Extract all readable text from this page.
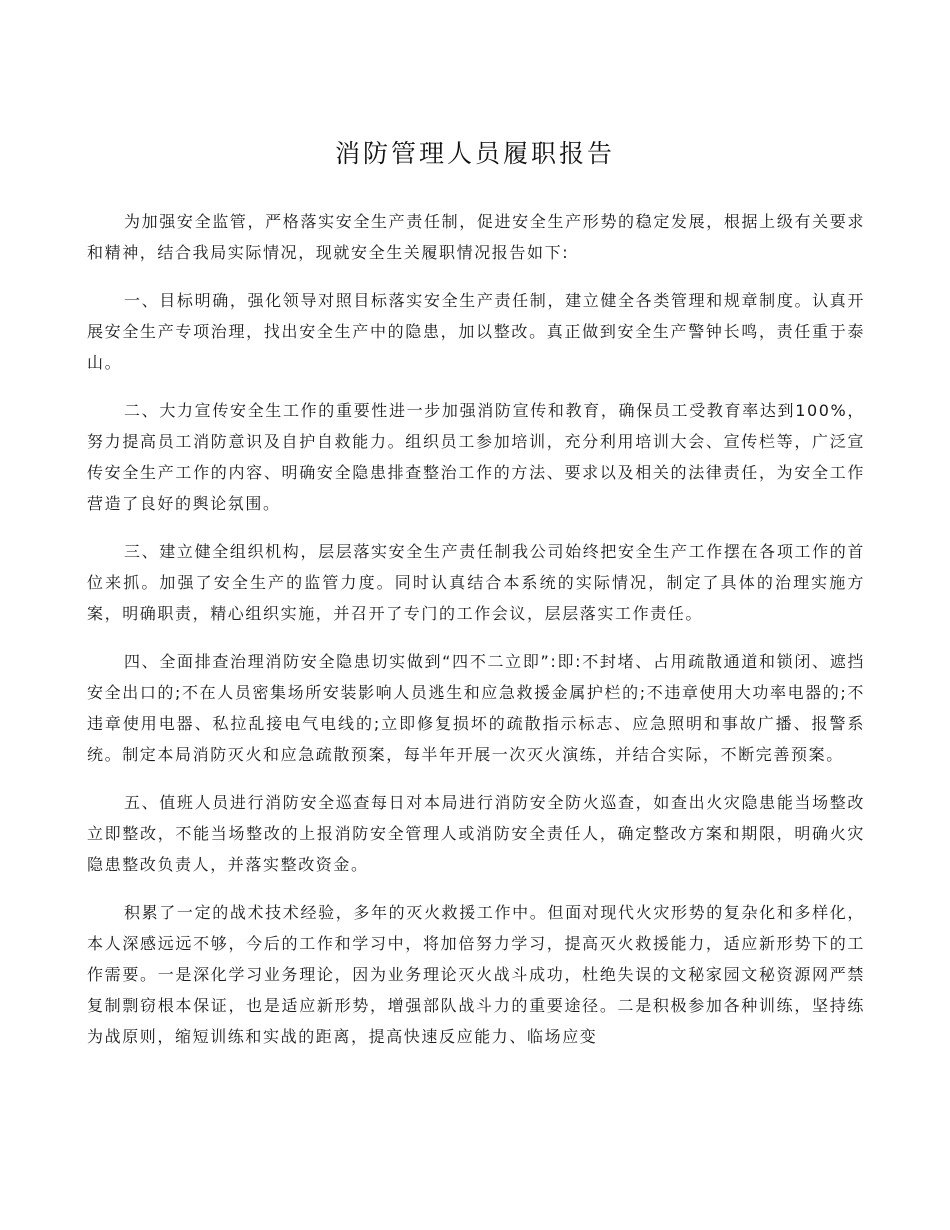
消防管理人员履职报告

为加强安全监管，严格落实安全生产责任制，促进安全生产形势的稳定发展，根据上级有关要求和精神，结合我局实际情况，现就安全生关履职情况报告如下:

一、目标明确，强化领导对照目标落实安全生产责任制，建立健全各类管理和规章制度。认真开展安全生产专项治理，找出安全生产中的隐患，加以整改。真正做到安全生产警钟长鸣，责任重于泰山。

二、大力宣传安全生工作的重要性进一步加强消防宣传和教育，确保员工受教育率达到100%，努力提高员工消防意识及自护自救能力。组织员工参加培训，充分利用培训大会、宣传栏等，广泛宣传安全生产工作的内容、明确安全隐患排查整治工作的方法、要求以及相关的法律责任，为安全工作营造了良好的舆论氛围。

三、建立健全组织机构，层层落实安全生产责任制我公司始终把安全生产工作摆在各项工作的首位来抓。加强了安全生产的监管力度。同时认真结合本系统的实际情况，制定了具体的治理实施方案，明确职责，精心组织实施，并召开了专门的工作会议，层层落实工作责任。

四、全面排查治理消防安全隐患切实做到“四不二立即”:即:不封堵、占用疏散通道和锁闭、遮挡安全出口的;不在人员密集场所安装影响人员逃生和应急救援金属护栏的;不违章使用大功率电器的;不违章使用电器、私拉乱接电气电线的;立即修复损坏的疏散指示标志、应急照明和事故广播、报警系统。制定本局消防灭火和应急疏散预案，每半年开展一次灭火演练，并结合实际，不断完善预案。

五、值班人员进行消防安全巡查每日对本局进行消防安全防火巡查，如查出火灾隐患能当场整改立即整改，不能当场整改的上报消防安全管理人或消防安全责任人，确定整改方案和期限，明确火灾隐患整改负责人，并落实整改资金。

积累了一定的战术技术经验，多年的灭火救援工作中。但面对现代火灾形势的复杂化和多样化，本人深感远远不够，今后的工作和学习中，将加倍努力学习，提高灭火救援能力，适应新形势下的工作需要。一是深化学习业务理论，因为业务理论灭火战斗成功，杜绝失误的文秘家园文秘资源网严禁复制剽窃根本保证，也是适应新形势，增强部队战斗力的重要途径。二是积极参加各种训练，坚持练为战原则，缩短训练和实战的距离，提高快速反应能力、临场应变
